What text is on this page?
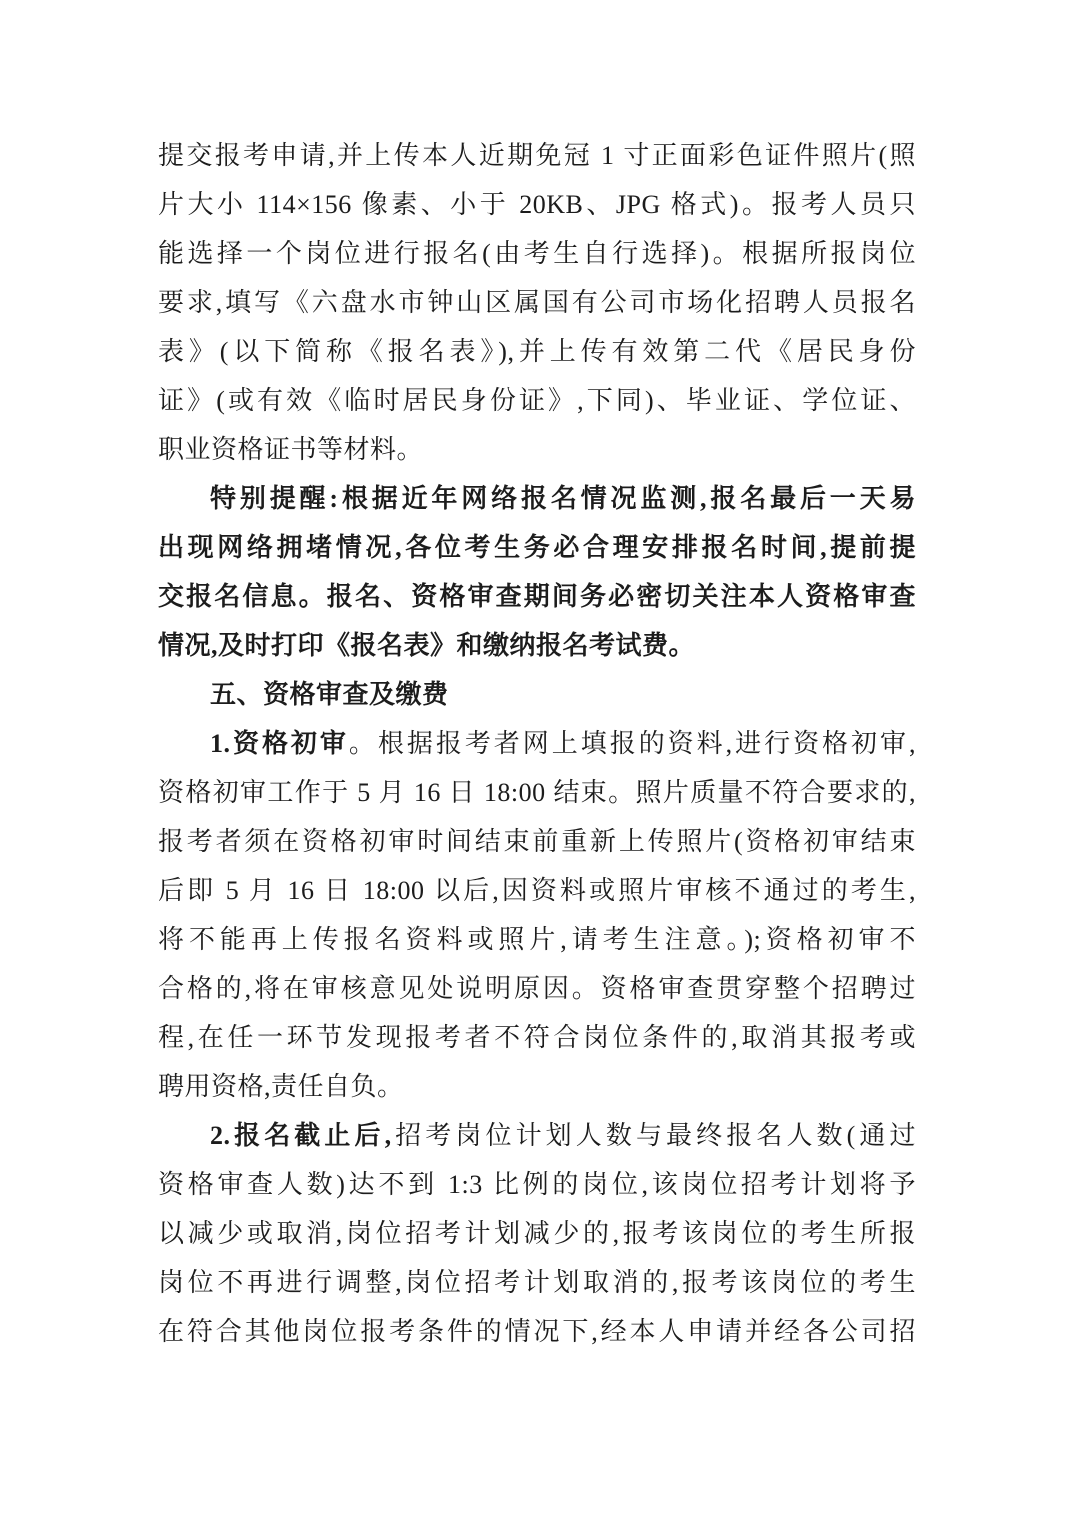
提交报考申请,并上传本人近期免冠 1 寸正面彩色证件照片(照
片大小 114×156 像素、小于 20KB、JPG 格式)。报考人员只
能选择一个岗位进行报名(由考生自行选择)。根据所报岗位
要求,填写《六盘水市钟山区属国有公司市场化招聘人员报名
表》(以下简称《报名表》),并上传有效第二代《居民身份
证》(或有效《临时居民身份证》,下同)、毕业证、学位证、
职业资格证书等材料。
特别提醒:根据近年网络报名情况监测,报名最后一天易
出现网络拥堵情况,各位考生务必合理安排报名时间,提前提
交报名信息。报名、资格审查期间务必密切关注本人资格审查
情况,及时打印《报名表》和缴纳报名考试费。
五、资格审查及缴费
1.资格初审。根据报考者网上填报的资料,进行资格初审,
资格初审工作于 5 月 16 日 18:00 结束。照片质量不符合要求的,
报考者须在资格初审时间结束前重新上传照片(资格初审结束
后即 5 月 16 日 18:00 以后,因资料或照片审核不通过的考生,
将不能再上传报名资料或照片,请考生注意。);资格初审不
合格的,将在审核意见处说明原因。资格审查贯穿整个招聘过
程,在任一环节发现报考者不符合岗位条件的,取消其报考或
聘用资格,责任自负。
2.报名截止后,招考岗位计划人数与最终报名人数(通过
资格审查人数)达不到 1:3 比例的岗位,该岗位招考计划将予
以减少或取消,岗位招考计划减少的,报考该岗位的考生所报
岗位不再进行调整,岗位招考计划取消的,报考该岗位的考生
在符合其他岗位报考条件的情况下,经本人申请并经各公司招
